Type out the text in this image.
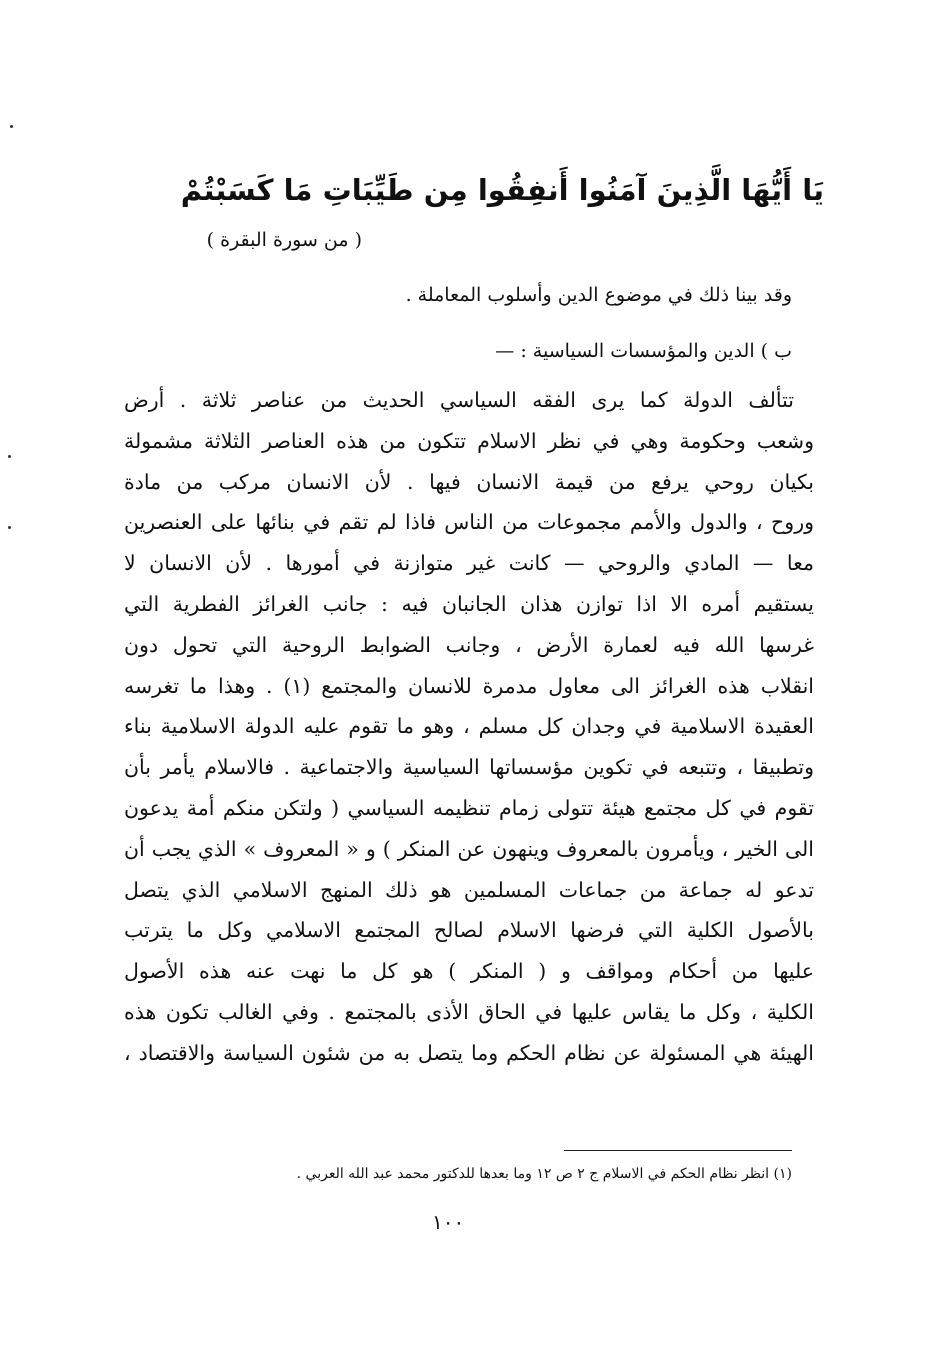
يَا أَيُّهَا الَّذِينَ آمَنُوا أَنفِقُوا مِن طَيِّبَاتِ مَا كَسَبْتُمْ
( من سورة البقرة )
وقد بينا ذلك في موضوع الدين وأسلوب المعاملة .
ب ) الدين والمؤسسات السياسية : —
تتألف الدولة كما يرى الفقه السياسي الحديث من عناصر ثلاثة . أرض
وشعب وحكومة وهي في نظر الاسلام تتكون من هذه العناصر الثلاثة مشمولة
بكيان روحي يرفع من قيمة الانسان فيها . لأن الانسان مركب من مادة
وروح ، والدول والأمم مجموعات من الناس فاذا لم تقم في بنائها على العنصرين
معا — المادي والروحي — كانت غير متوازنة في أمورها . لأن الانسان لا
يستقيم أمره الا اذا توازن هذان الجانبان فيه : جانب الغرائز الفطرية التي
غرسها الله فيه لعمارة الأرض ، وجانب الضوابط الروحية التي تحول دون
انقلاب هذه الغرائز الى معاول مدمرة للانسان والمجتمع (١) . وهذا ما تغرسه
العقيدة الاسلامية في وجدان كل مسلم ، وهو ما تقوم عليه الدولة الاسلامية بناء
وتطبيقا ، وتتبعه في تكوين مؤسساتها السياسية والاجتماعية . فالاسلام يأمر بأن
تقوم في كل مجتمع هيئة تتولى زمام تنظيمه السياسي ( ولتكن منكم أمة يدعون
الى الخير ، ويأمرون بالمعروف وينهون عن المنكر ) و « المعروف » الذي يجب أن
تدعو له جماعة من جماعات المسلمين هو ذلك المنهج الاسلامي الذي يتصل
بالأصول الكلية التي فرضها الاسلام لصالح المجتمع الاسلامي وكل ما يترتب
عليها من أحكام ومواقف و ( المنكر ) هو كل ما نهت عنه هذه الأصول
الكلية ، وكل ما يقاس عليها في الحاق الأذى بالمجتمع . وفي الغالب تكون هذه
الهيئة هي المسئولة عن نظام الحكم وما يتصل به من شئون السياسة والاقتصاد ،
(١) انظر نظام الحكم في الاسلام ج ٢ ص ١٢ وما بعدها للدكتور محمد عبد الله العربي .
١٠٠
